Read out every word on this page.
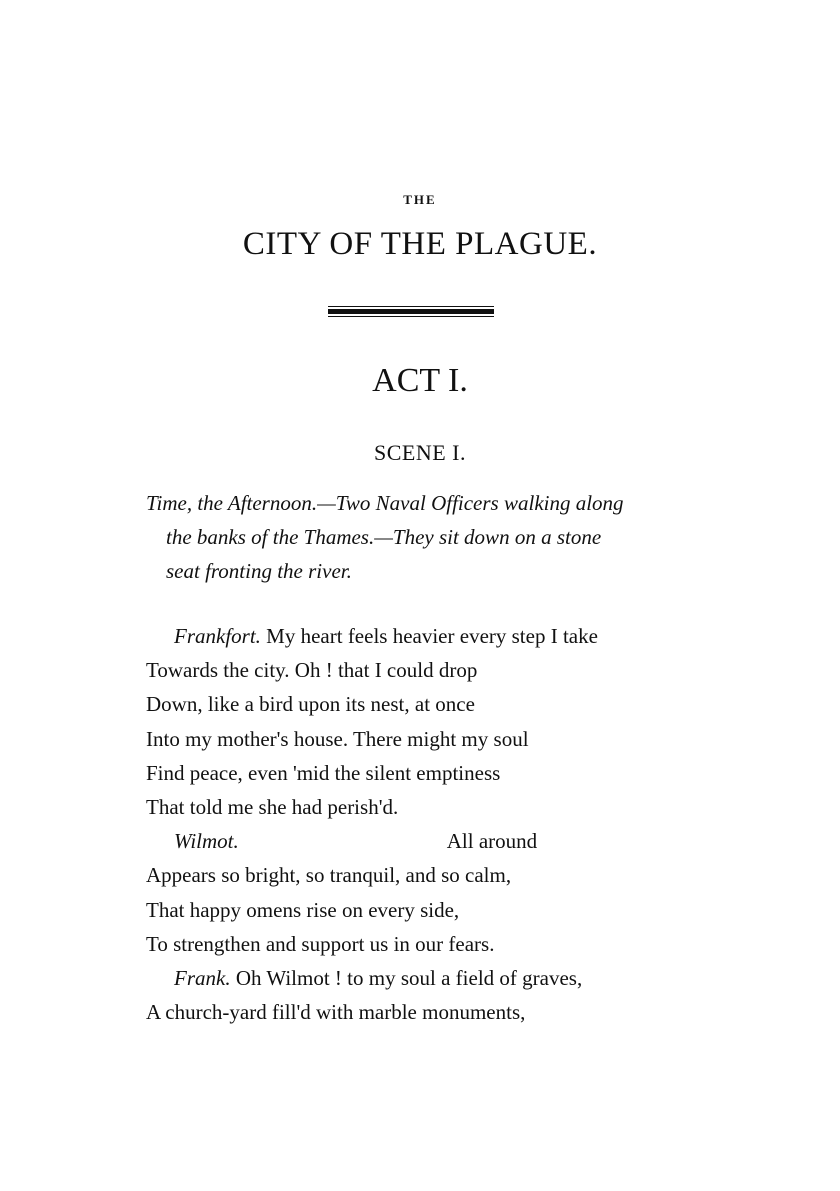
THE
CITY OF THE PLAGUE.
ACT I.
SCENE I.
Time, the Afternoon.—Two Naval Officers walking along
the banks of the Thames.—They sit down on a stone
seat fronting the river.
Frankfort. My heart feels heavier every step I take
Towards the city. Oh ! that I could drop
Down, like a bird upon its nest, at once
Into my mother's house. There might my soul
Find peace, even 'mid the silent emptiness
That told me she had perish'd.
Wilmot.	All around
Appears so bright, so tranquil, and so calm,
That happy omens rise on every side,
To strengthen and support us in our fears.
Frank. Oh Wilmot ! to my soul a field of graves,
A church-yard fill'd with marble monuments,
